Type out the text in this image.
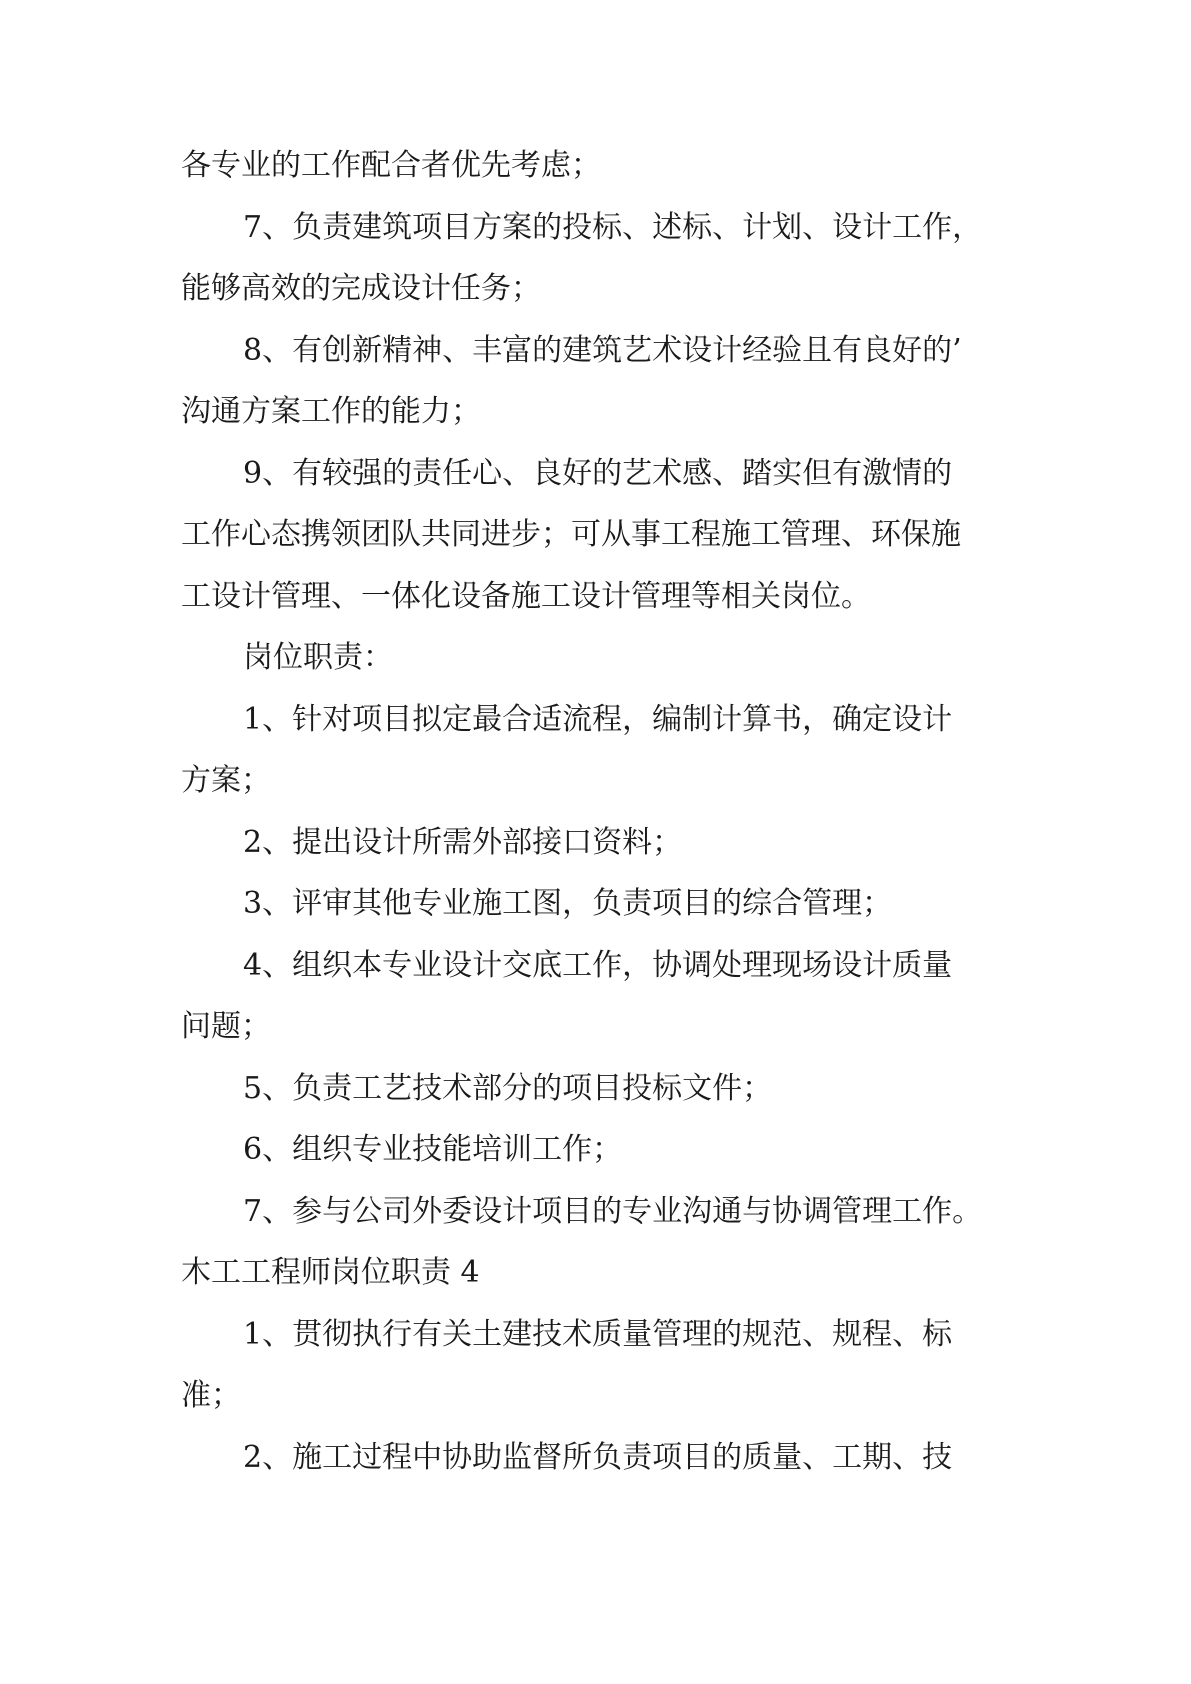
各专业的工作配合者优先考虑；
7、负责建筑项目方案的投标、述标、计划、设计工作，
能够高效的完成设计任务；
8、有创新精神、丰富的建筑艺术设计经验且有良好的’
沟通方案工作的能力；
9、有较强的责任心、良好的艺术感、踏实但有激情的
工作心态携领团队共同进步；可从事工程施工管理、环保施
工设计管理、一体化设备施工设计管理等相关岗位。
岗位职责：
1、针对项目拟定最合适流程，编制计算书，确定设计
方案；
2、提出设计所需外部接口资料；
3、评审其他专业施工图，负责项目的综合管理；
4、组织本专业设计交底工作，协调处理现场设计质量
问题；
5、负责工艺技术部分的项目投标文件；
6、组织专业技能培训工作；
7、参与公司外委设计项目的专业沟通与协调管理工作。
木工工程师岗位职责 4
1、贯彻执行有关土建技术质量管理的规范、规程、标
准；
2、施工过程中协助监督所负责项目的质量、工期、技
